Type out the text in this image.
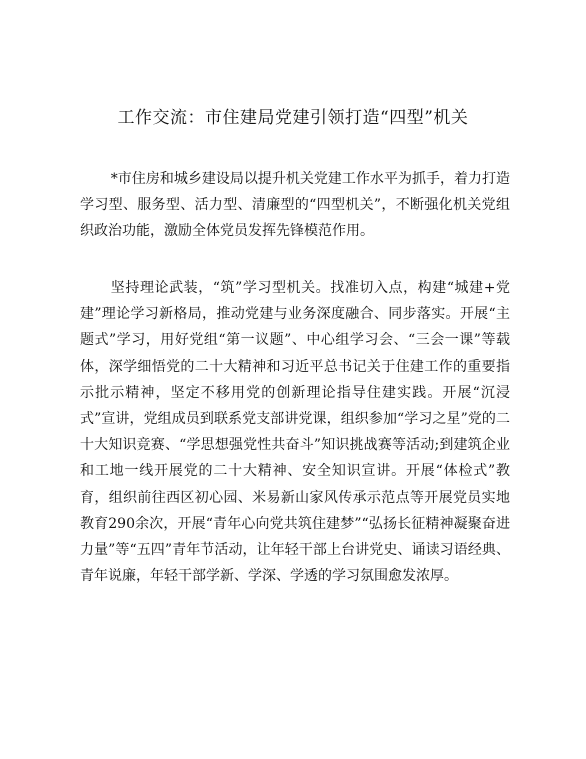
工作交流：市住建局党建引领打造“四型”机关
*市住房和城乡建设局以提升机关党建工作水平为抓手，着力打造学习型、服务型、活力型、清廉型的“四型机关”，不断强化机关党组织政治功能，激励全体党员发挥先锋模范作用。
坚持理论武装，“筑”学习型机关。找准切入点，构建“城建+党建”理论学习新格局，推动党建与业务深度融合、同步落实。开展“主题式”学习，用好党组“第一议题”、中心组学习会、“三会一课”等载体，深学细悟党的二十大精神和习近平总书记关于住建工作的重要指示批示精神，坚定不移用党的创新理论指导住建实践。开展“沉浸式”宣讲，党组成员到联系党支部讲党课，组织参加“学习之星”党的二十大知识竞赛、“学思想强党性共奋斗”知识挑战赛等活动;到建筑企业和工地一线开展党的二十大精神、安全知识宣讲。开展“体检式”教育，组织前往西区初心园、米易新山家风传承示范点等开展党员实地教育290余次，开展“青年心向党共筑住建梦”“弘扬长征精神凝聚奋进力量”等“五四”青年节活动，让年轻干部上台讲党史、诵读习语经典、青年说廉，年轻干部学新、学深、学透的学习氛围愈发浓厚。
